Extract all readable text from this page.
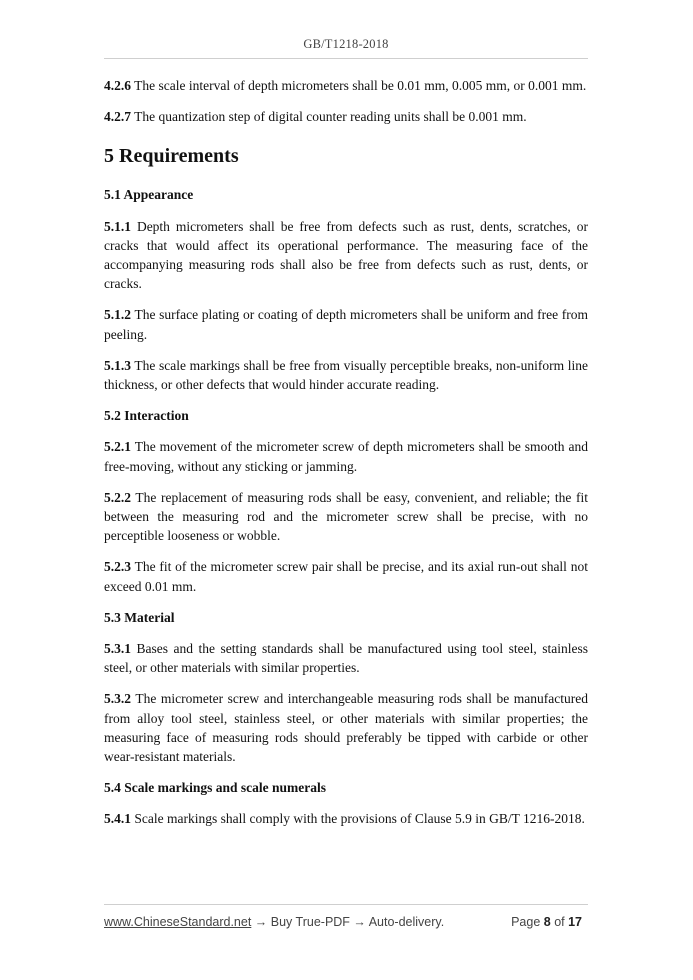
GB/T1218-2018

4.2.6 The scale interval of depth micrometers shall be 0.01 mm, 0.005 mm, or 0.001 mm.

4.2.7 The quantization step of digital counter reading units shall be 0.001 mm.

5 Requirements
5.1 Appearance

5.1.1 Depth micrometers shall be free from defects such as rust, dents, scratches, or cracks that would affect its operational performance. The measuring face of the accompanying measuring rods shall also be free from defects such as rust, dents, or cracks.

5.1.2 The surface plating or coating of depth micrometers shall be uniform and free from peeling.

5.1.3 The scale markings shall be free from visually perceptible breaks, non-uniform line thickness, or other defects that would hinder accurate reading.

5.2 Interaction

5.2.1 The movement of the micrometer screw of depth micrometers shall be smooth and free-moving, without any sticking or jamming.

5.2.2 The replacement of measuring rods shall be easy, convenient, and reliable; the fit between the measuring rod and the micrometer screw shall be precise, with no perceptible looseness or wobble.

5.2.3 The fit of the micrometer screw pair shall be precise, and its axial run-out shall not exceed 0.01 mm.

5.3 Material

5.3.1 Bases and the setting standards shall be manufactured using tool steel, stainless steel, or other materials with similar properties.

5.3.2 The micrometer screw and interchangeable measuring rods shall be manufactured from alloy tool steel, stainless steel, or other materials with similar properties; the measuring face of measuring rods should preferably be tipped with carbide or other wear-resistant materials.

5.4 Scale markings and scale numerals

5.4.1 Scale markings shall comply with the provisions of Clause 5.9 in GB/T 1216-2018.

www.ChineseStandard.net → Buy True-PDF → Auto-delivery.	Page 8 of 17
